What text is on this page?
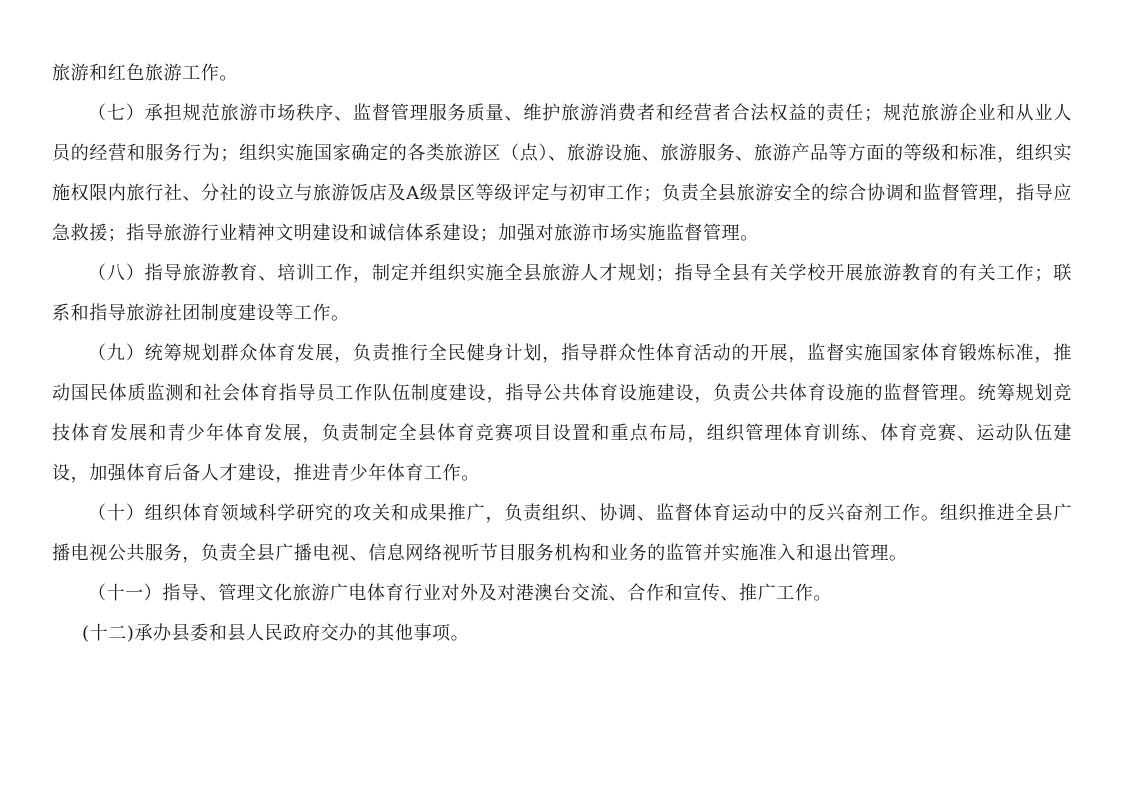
旅游和红色旅游工作。

（七）承担规范旅游市场秩序、监督管理服务质量、维护旅游消费者和经营者合法权益的责任；规范旅游企业和从业人员的经营和服务行为；组织实施国家确定的各类旅游区（点）、旅游设施、旅游服务、旅游产品等方面的等级和标准，组织实施权限内旅行社、分社的设立与旅游饭店及A级景区等级评定与初审工作；负责全县旅游安全的综合协调和监督管理，指导应急救援；指导旅游行业精神文明建设和诚信体系建设；加强对旅游市场实施监督管理。

（八）指导旅游教育、培训工作，制定并组织实施全县旅游人才规划；指导全县有关学校开展旅游教育的有关工作；联系和指导旅游社团制度建设等工作。

（九）统筹规划群众体育发展，负责推行全民健身计划，指导群众性体育活动的开展，监督实施国家体育锻炼标准，推动国民体质监测和社会体育指导员工作队伍制度建设，指导公共体育设施建设，负责公共体育设施的监督管理。统筹规划竞技体育发展和青少年体育发展，负责制定全县体育竞赛项目设置和重点布局，组织管理体育训练、体育竞赛、运动队伍建设，加强体育后备人才建设，推进青少年体育工作。

（十）组织体育领域科学研究的攻关和成果推广，负责组织、协调、监督体育运动中的反兴奋剂工作。组织推进全县广播电视公共服务，负责全县广播电视、信息网络视听节目服务机构和业务的监管并实施准入和退出管理。

（十一）指导、管理文化旅游广电体育行业对外及对港澳台交流、合作和宣传、推广工作。

(十二)承办县委和县人民政府交办的其他事项。
